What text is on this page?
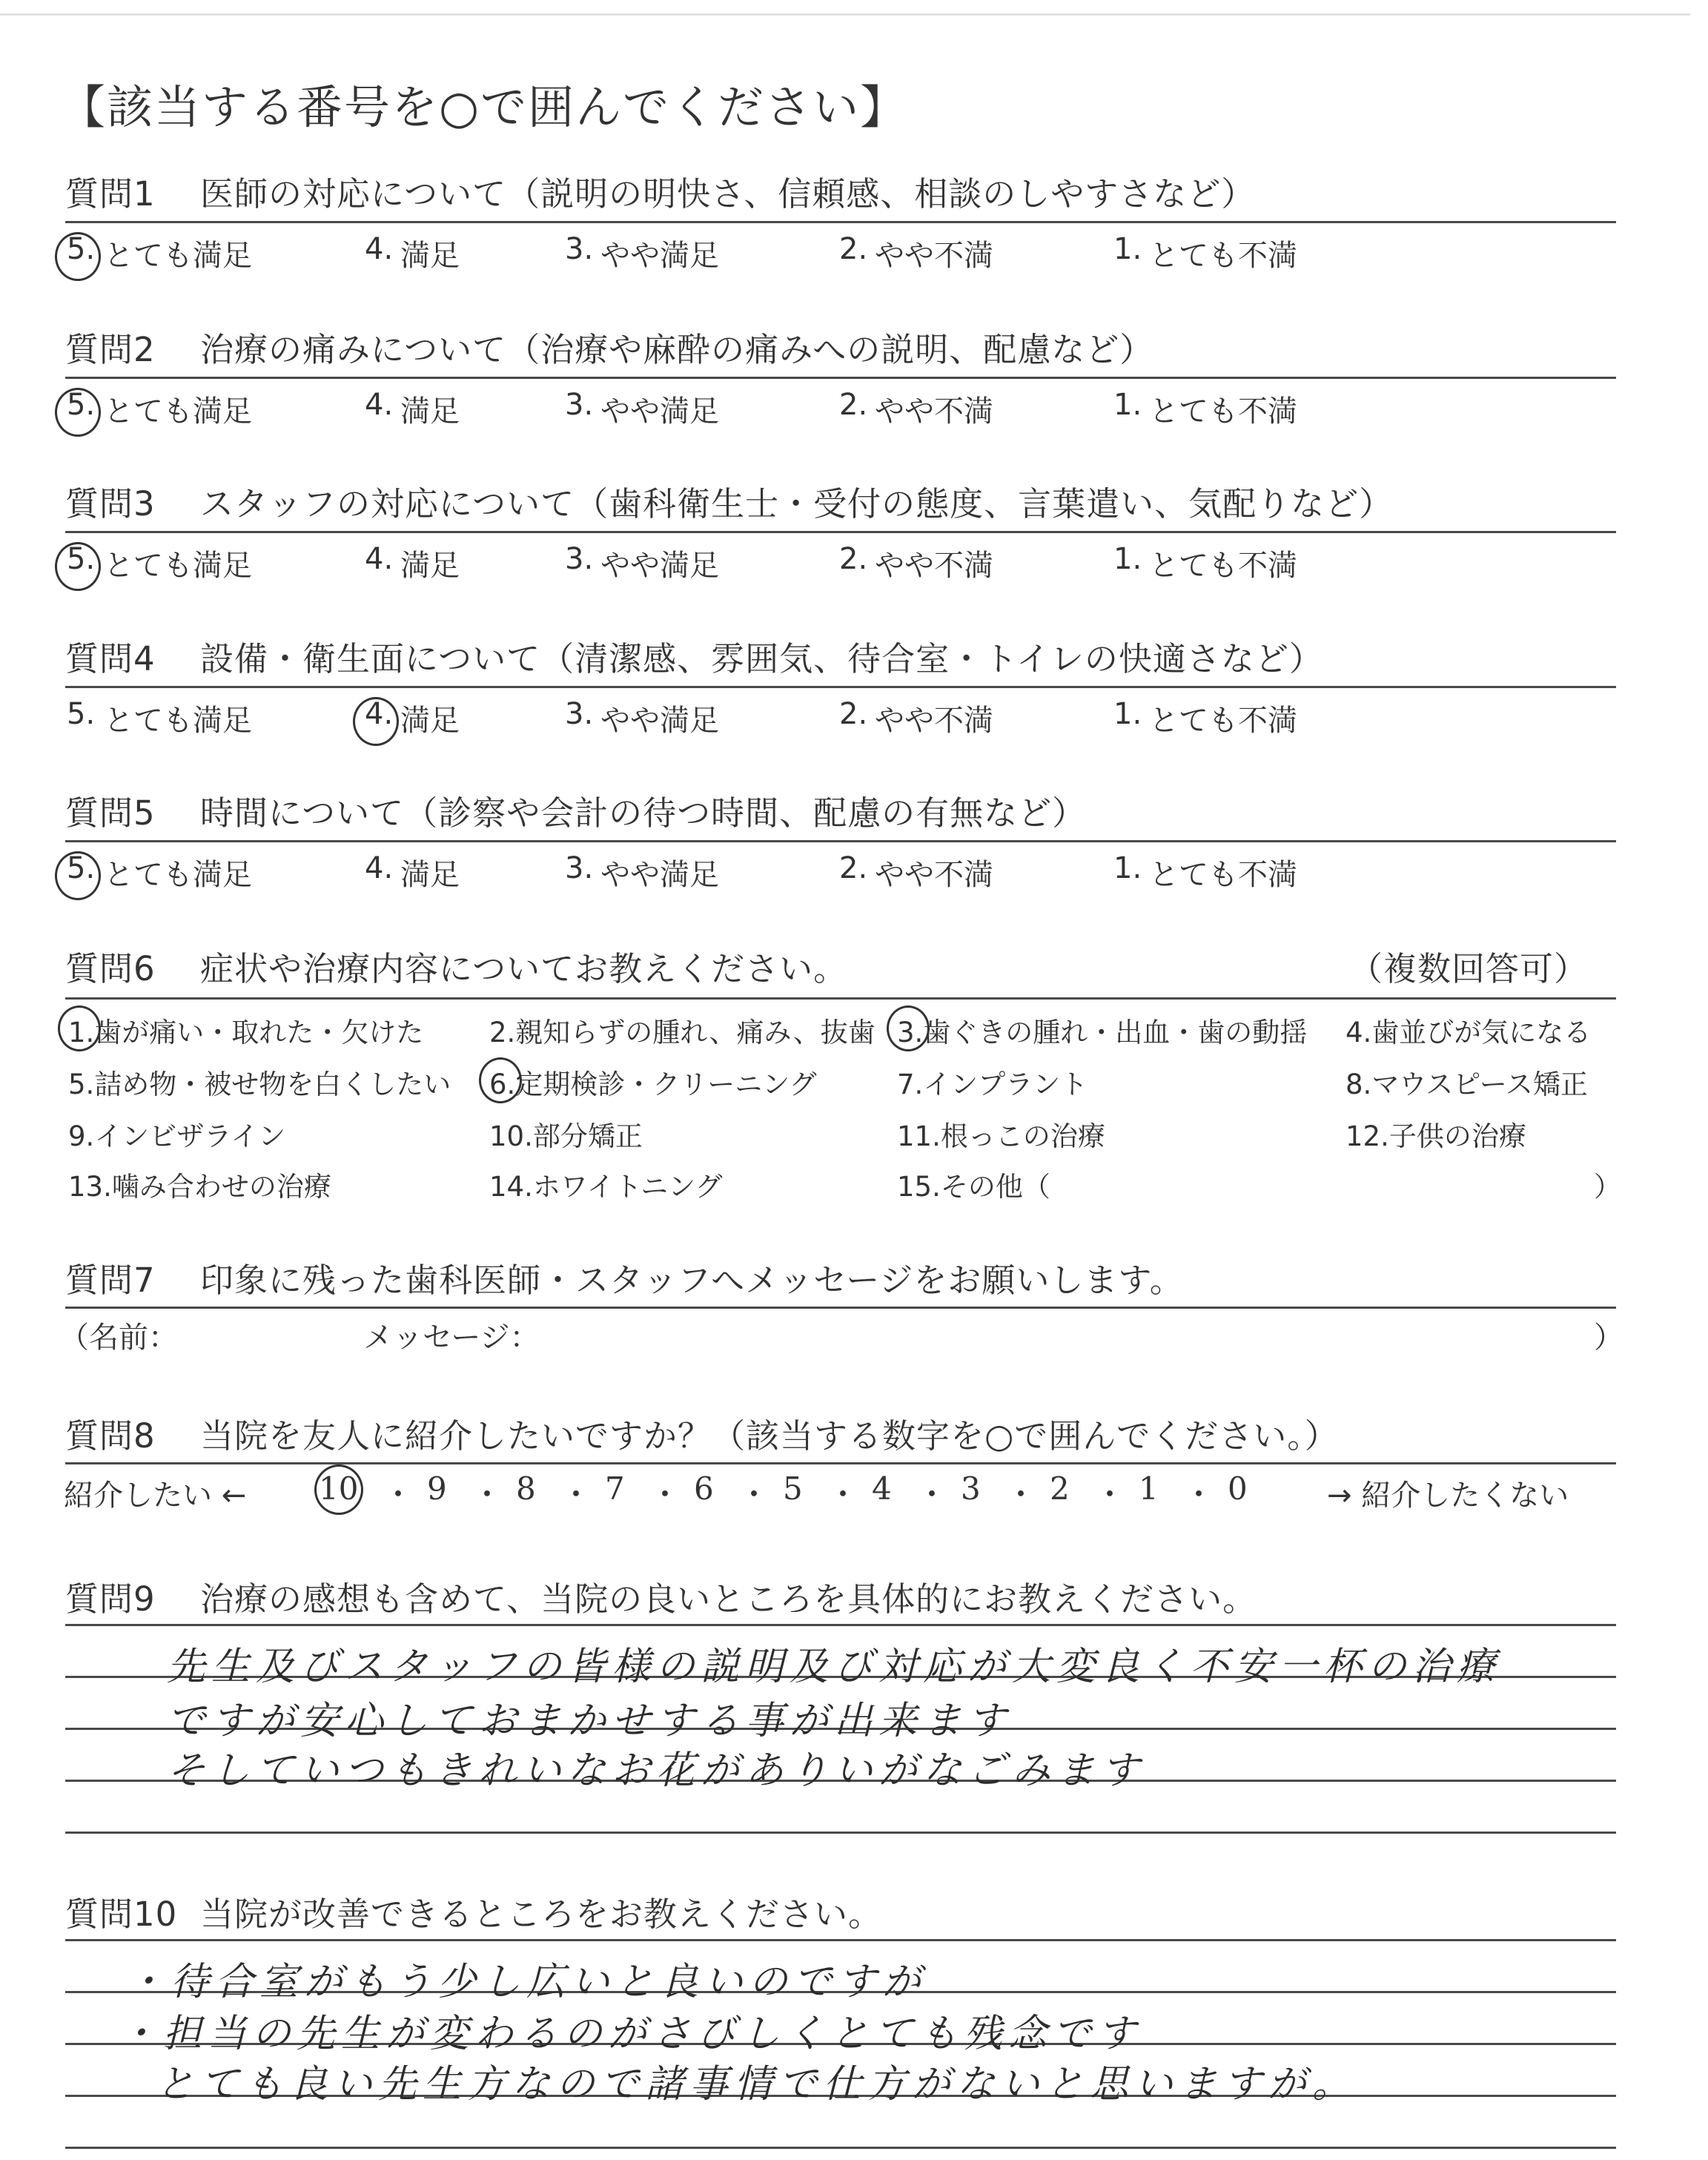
【該当する番号を○で囲んでください】
質問1 医師の対応について（説明の明快さ、信頼感、相談のしやすさなど）
5. とても満足	4. 満足	3. やや満足	2. やや不満	1. とても不満
質問2 治療の痛みについて（治療や麻酔の痛みへの説明、配慮など）
5. とても満足	4. 満足	3. やや満足	2. やや不満	1. とても不満
質問3 スタッフの対応について（歯科衛生士・受付の態度、言葉遣い、気配りなど）
5. とても満足	4. 満足	3. やや満足	2. やや不満	1. とても不満
質問4 設備・衛生面について（清潔感、雰囲気、待合室・トイレの快適さなど）
5. とても満足	4. 満足	3. やや満足	2. やや不満	1. とても不満
質問5 時間について（診察や会計の待つ時間、配慮の有無など）
5. とても満足	4. 満足	3. やや満足	2. やや不満	1. とても不満
質問6 症状や治療内容についてお教えください。	（複数回答可）
1.歯が痛い・取れた・欠けた 2.親知らずの腫れ、痛み、抜歯 3.歯ぐきの腫れ・出血・歯の動揺 4.歯並びが気になる
5.詰め物・被せ物を白くしたい 6.定期検診・クリーニング	7.インプラント	8.マウスピース矯正
9.インビザライン	10.部分矯正	11.根っこの治療	12.子供の治療
13.噛み合わせの治療	14.ホワイトニング	15.その他（	）
質問7 印象に残った歯科医師・スタッフへメッセージをお願いします。
（名前：	メッセージ：	）
質問8 当院を友人に紹介したいですか？（該当する数字を○で囲んでください。）
紹介したい ← 10 ・ 9 ・ 8 ・ 7 ・ 6 ・ 5 ・ 4 ・ 3 ・ 2 ・ 1 ・ 0	→ 紹介したくない
質問9 治療の感想も含めて、当院の良いところを具体的にお教えください。
先生及びスタッフの皆様の説明及び対応が大変良く不安一杯の治療
ですが安心しておまかせする事が出来ます
そしていつもきれいなお花がありいがなごみます
質問10 当院が改善できるところをお教えください。
・待合室がもう少し広いと良いのですが
・担当の先生が変わるのがさびしくとても残念です
とても良い先生方なので諸事情で仕方がないと思いますが。
